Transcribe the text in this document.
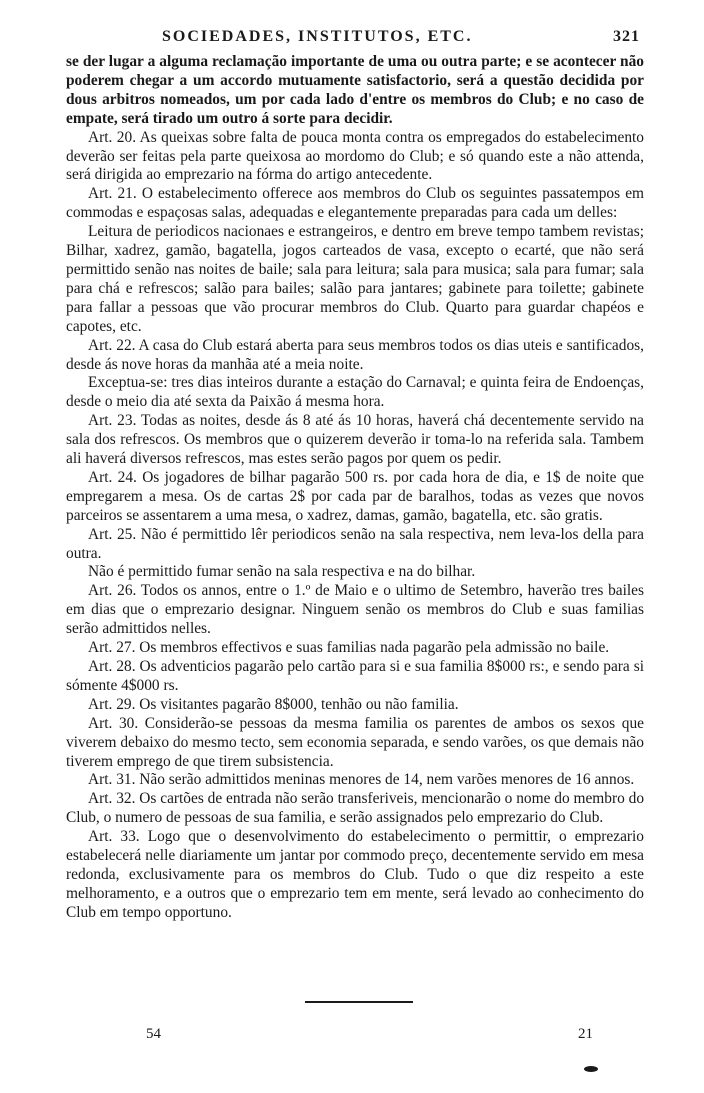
SOCIEDADES, INSTITUTOS, ETC.	321

se der lugar a alguma reclamação importante de uma ou outra parte; e se acontecer não poderem chegar a um accordo mutuamente satisfactorio, será a questão decidida por dous arbitros nomeados, um por cada lado d'entre os membros do Club; e no caso de empate, será tirado um outro á sorte para decidir.

Art. 20. As queixas sobre falta de pouca monta contra os empregados do estabelecimento deverão ser feitas pela parte queixosa ao mordomo do Club; e só quando este a não attenda, será dirigida ao emprezario na fórma do artigo antecedente.

Art. 21. O estabelecimento offerece aos membros do Club os seguintes passatempos em commodas e espaçosas salas, adequadas e elegantemente preparadas para cada um delles:

Leitura de periodicos nacionaes e estrangeiros, e dentro em breve tempo tambem revistas; Bilhar, xadrez, gamão, bagatella, jogos carteados de vasa, excepto o ecarté, que não será permittido senão nas noites de baile; sala para leitura; sala para musica; sala para fumar; sala para chá e refrescos; salão para bailes; salão para jantares; gabinete para toilette; gabinete para fallar a pessoas que vão procurar membros do Club. Quarto para guardar chapéos e capotes, etc.

Art. 22. A casa do Club estará aberta para seus membros todos os dias uteis e santificados, desde ás nove horas da manhãa até a meia noite.

Exceptua-se: tres dias inteiros durante a estação do Carnaval; e quinta feira de Endoenças, desde o meio dia até sexta da Paixão á mesma hora.

Art. 23. Todas as noites, desde ás 8 até ás 10 horas, haverá chá decentemente servido na sala dos refrescos. Os membros que o quizerem deverão ir toma-lo na referida sala. Tambem ali haverá diversos refrescos, mas estes serão pagos por quem os pedir.

Art. 24. Os jogadores de bilhar pagarão 500 rs. por cada hora de dia, e 1$ de noite que empregarem a mesa. Os de cartas 2$ por cada par de baralhos, todas as vezes que novos parceiros se assentarem a uma mesa, o xadrez, damas, gamão, bagatella, etc. são gratis.

Art. 25. Não é permittido lêr periodicos senão na sala respectiva, nem leva-los della para outra.

Não é permittido fumar senão na sala respectiva e na do bilhar.

Art. 26. Todos os annos, entre o 1.º de Maio e o ultimo de Setembro, haverão tres bailes em dias que o emprezario designar. Ninguem senão os membros do Club e suas familias serão admittidos nelles.

Art. 27. Os membros effectivos e suas familias nada pagarão pela admissão no baile.

Art. 28. Os adventicios pagarão pelo cartão para si e sua familia 8$000 rs:, e sendo para si sómente 4$000 rs.

Art. 29. Os visitantes pagarão 8$000, tenhão ou não familia.

Art. 30. Considerão-se pessoas da mesma familia os parentes de ambos os sexos que viverem debaixo do mesmo tecto, sem economia separada, e sendo varões, os que demais não tiverem emprego de que tirem subsistencia.

Art. 31. Não serão admittidos meninas menores de 14, nem varões menores de 16 annos.

Art. 32. Os cartões de entrada não serão transferiveis, mencionarão o nome do membro do Club, o numero de pessoas de sua familia, e serão assignados pelo emprezario do Club.

Art. 33. Logo que o desenvolvimento do estabelecimento o permittir, o emprezario estabelecerá nelle diariamente um jantar por commodo preço, decentemente servido em mesa redonda, exclusivamente para os membros do Club. Tudo o que diz respeito a este melhoramento, e a outros que o emprezario tem em mente, será levado ao conhecimento do Club em tempo opportuno.

54	21
